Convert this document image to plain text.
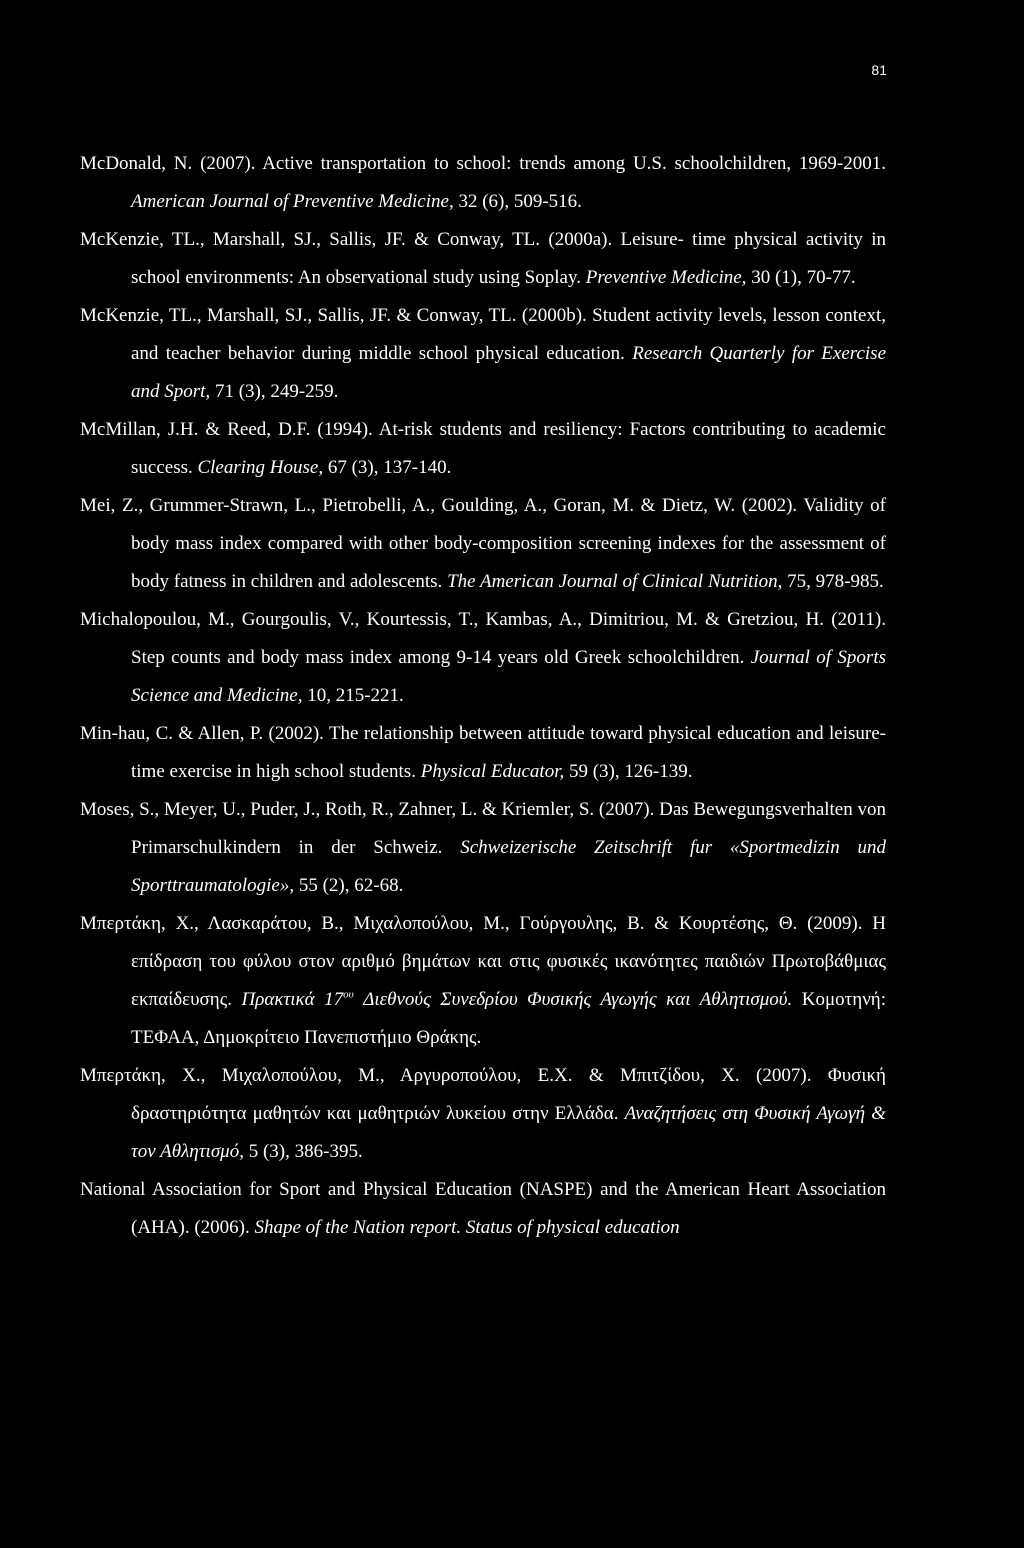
81

McDonald, N. (2007). Active transportation to school: trends among U.S. schoolchildren, 1969-2001. American Journal of Preventive Medicine, 32 (6), 509-516.

McKenzie, TL., Marshall, SJ., Sallis, JF. & Conway, TL. (2000a). Leisure- time physical activity in school environments: An observational study using Soplay. Preventive Medicine, 30 (1), 70-77.

McKenzie, TL., Marshall, SJ., Sallis, JF. & Conway, TL. (2000b). Student activity levels, lesson context, and teacher behavior during middle school physical education. Research Quarterly for Exercise and Sport, 71 (3), 249-259.

McMillan, J.H. & Reed, D.F. (1994). At-risk students and resiliency: Factors contributing to academic success. Clearing House, 67 (3), 137-140.

Mei, Z., Grummer-Strawn, L., Pietrobelli, A., Goulding, A., Goran, M. & Dietz, W. (2002). Validity of body mass index compared with other body-composition screening indexes for the assessment of body fatness in children and adolescents. The American Journal of Clinical Nutrition, 75, 978-985.

Michalopoulou, M., Gourgoulis, V., Kourtessis, T., Kambas, A., Dimitriou, M. & Gretziou, H. (2011). Step counts and body mass index among 9-14 years old Greek schoolchildren. Journal of Sports Science and Medicine, 10, 215-221.

Min-hau, C. & Allen, P. (2002). The relationship between attitude toward physical education and leisure-time exercise in high school students. Physical Educator, 59 (3), 126-139.

Moses, S., Meyer, U., Puder, J., Roth, R., Zahner, L. & Kriemler, S. (2007). Das Bewegungsverhalten von Primarschulkindern in der Schweiz. Schweizerische Zeitschrift fur «Sportmedizin und Sporttraumatologie», 55 (2), 62-68.

Μπερτάκη, Χ., Λασκαράτου, Β., Μιχαλοπούλου, Μ., Γούργουλης, Β. & Κουρτέσης, Θ. (2009). Η επίδραση του φύλου στον αριθμό βημάτων και στις φυσικές ικανότητες παιδιών Πρωτοβάθμιας εκπαίδευσης. Πρακτικά $17^{o\upsilon}$ Διεθνούς Συνεδρίου Φυσικής Αγωγής και Αθλητισμού. Κομοτηνή: ΤΕΦΑΑ, Δημοκρίτειο Πανεπιστήμιο Θράκης.

Μπερτάκη, Χ., Μιχαλοπούλου, Μ., Αργυροπούλου, Ε.Χ. & Μπιτζίδου, Χ. (2007). Φυσική δραστηριότητα μαθητών και μαθητριών λυκείου στην Ελλάδα. Αναζητήσεις στη Φυσική Αγωγή & τον Αθλητισμό, 5 (3), 386-395.

National Association for Sport and Physical Education (NASPE) and the American Heart Association (AHA). (2006). Shape of the Nation report. Status of physical education
